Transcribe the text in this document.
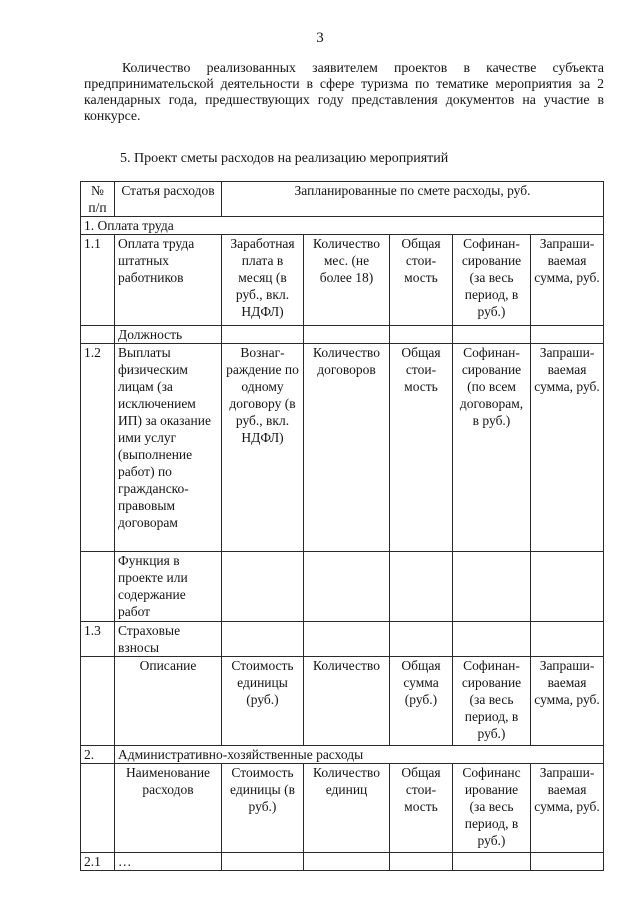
3

Количество реализованных заявителем проектов в качестве субъекта предпринимательской деятельности в сфере туризма по тематике мероприятия за 2 календарных года, предшествующих году представления документов на участие в конкурсе.

5. Проект сметы расходов на реализацию мероприятий
№ п/п	Статья расходов	Запланированные по смете расходы, руб.				
1. Оплата труда						
1.1	Оплата труда штатных работников	Заработная плата в месяц (в руб., вкл. НДФЛ)	Количество мес. (не более 18)	Общая стои-мость	Софинан-сирование (за весь период, в руб.)	Запраши-ваемая сумма, руб.
	Должность					
1.2	Выплаты физическим лицам (за исключением ИП) за оказание ими услуг (выполнение работ) по гражданско-правовым договорам	Вознаг-раждение по одному договору (в руб., вкл. НДФЛ)	Количество договоров	Общая стои-мость	Софинан-сирование (по всем договорам, в руб.)	Запраши-ваемая сумма, руб.
	Функция в проекте или содержание работ					
1.3	Страховые взносы					
	Описание	Стоимость единицы (руб.)	Количество	Общая сумма (руб.)	Софинан-сирование (за весь период, в руб.)	Запраши-ваемая сумма, руб.
2.	Административно-хозяйственные расходы					
	Наименование расходов	Стоимость единицы (в руб.)	Количество единиц	Общая стои-мость	Софинанс ирование (за весь период, в руб.)	Запраши-ваемая сумма, руб.
2.1	…					
